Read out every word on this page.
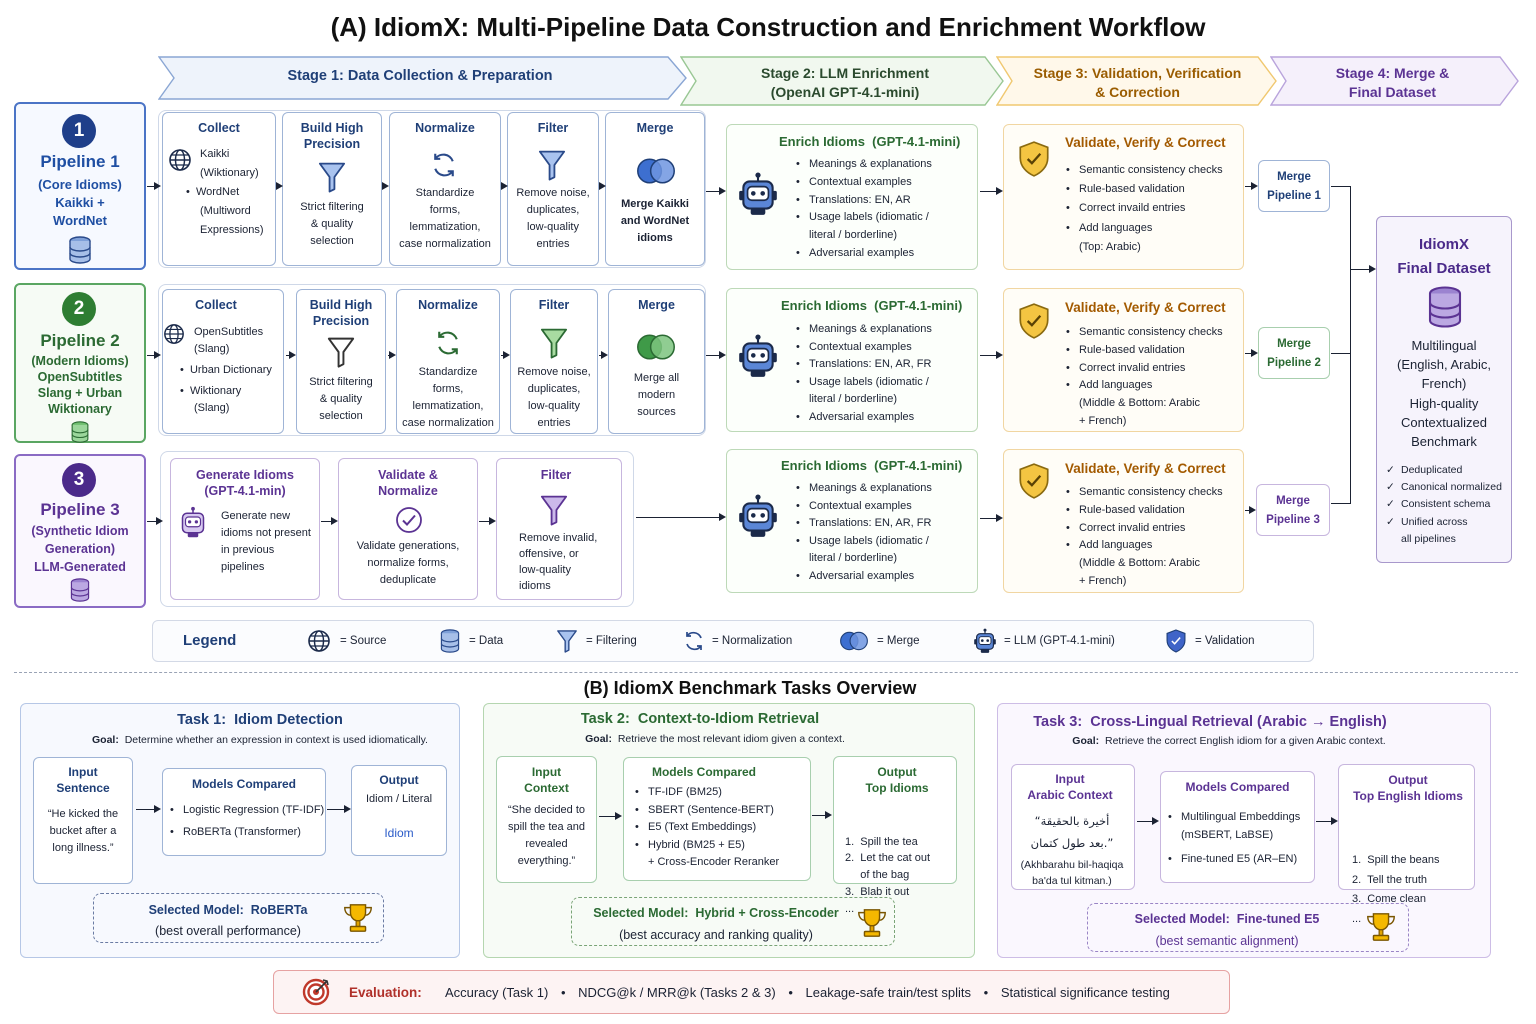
(A) IdiomX: Multi-Pipeline Data Construction and Enrichment Workflow
Stage 1: Data Collection & Preparation	Stage 2: LLM Enrichment
(OpenAI GPT-4.1-mini)
Stage 3: Validation, Verification
& Correction
Stage 4: Merge &
Final Dataset
1
Pipeline 1
(Core Idioms)
Kaikki +
WordNet
Collect
Kaikki
(Wiktionary)
•  WordNet
(Multiword
Expressions)
Build High
Precision
Strict filtering
& quality
selection
Normalize
Standardize
forms,
lemmatization,
case normalization
Filter
Remove noise,
duplicates,
low-quality
entries
Merge
Merge Kaikki
and WordNet
idioms
2
Pipeline 2
(Modern Idioms)
OpenSubtitles
Slang + Urban
Wiktionary
Collect
OpenSubtitles
(Slang)
•  Urban Dictionary
•  Wiktionary
(Slang)
Build High
Precision
Strict filtering
& quality
selection
Normalize
Standardize
forms,
lemmatization,
case normalization
Filter
Remove noise,
duplicates,
low-quality
entries
Merge
Merge all
modern
sources
3
Pipeline 3
(Synthetic Idiom
Generation)
LLM-Generated
Generate Idioms
(GPT-4.1-min)
Generate new
idioms not present
in previous
pipelines
Validate &
Normalize
Validate generations,
normalize forms,
deduplicate
Filter
Remove invalid,
offensive, or
low-quality
idioms
Enrich Idioms  (GPT-4.1-mini)
Enrich Idioms  (GPT-4.1-mini)
Enrich Idioms  (GPT-4.1-mini)
• Meanings & explanations
• Contextual examples
• Translations: EN, AR
• Usage labels (idiomatic /
literal / borderline)
• Adversarial examples
• Meanings & explanations
• Contextual examples
• Translations: EN, AR, FR
• Usage labels (idiomatic /
literal / borderline)
• Adversarial examples
• Meanings & explanations
• Contextual examples
• Translations: EN, AR, FR
• Usage labels (idiomatic /
literal / borderline)
• Adversarial examples
Validate, Verify & Correct
Validate, Verify & Correct
Validate, Verify & Correct
• Semantic consistency checks
• Rule-based validation
• Correct invaild entries
• Add languages
(Top: Arabic)
• Semantic consistency checks
• Rule-based validation
• Correct invalid entries
• Add languages
(Middle & Bottom: Arabic
+ French)
• Semantic consistency checks
• Rule-based validation
• Correct invalid entries
• Add languages
(Middle & Bottom: Arabic
+ French)
Merge
Pipeline 1
Merge
Pipeline 2
Merge
Pipeline 3
IdiomX
Final Dataset
Multilingual
(English, Arabic,
French)
High-quality
Contextualized
Benchmark
✓ Deduplicated
✓ Canonical normalized
✓ Consistent schema
✓ Unified across
all pipelines
Legend	= Source	= Data	= Filtering	= Normalization	= Merge	= LLM (GPT-4.1-mini)	= Validation
(B) IdiomX Benchmark Tasks Overview
Task 1:  Idiom Detection
Goal: Determine whether an expression in context is used idiomatically.
Input
Sentence
“He kicked the
bucket after a
long illness.”
Models Compared
• Logistic Regression (TF-IDF)
• RoBERTa (Transformer)
Output
Idiom / Literal
Idiom
Selected Model: RoBERTa
(best overall performance)
Task 2:  Context-to-Idiom Retrieval
Goal: Retrieve the most relevant idiom given a context.
Input
Context
“She decided to
spill the tea and
revealed
everything.”
Models Compared
• TF-IDF (BM25)
• SBERT (Sentence-BERT)
• E5 (Text Embeddings)
• Hybrid (BM25 + E5)
+ Cross-Encoder Reranker
Output
Top Idioms

1.  Spill the tea
2.  Let the cat out
of the bag
3.  Blab it out
...

Selected Model: Hybrid + Cross-Encoder
(best accuracy and ranking quality)
Task 3:  Cross-Lingual Retrieval (Arabic → English)
Goal: Retrieve the correct English idiom for a given Arabic context.
Input
Arabic Context
“أخيرة بالحقيقة
بعد طول كتمان.”
(Akhbarahu bil-haqiqa
ba'da tul kitman.)
Models Compared
• Multilingual Embeddings
(mSBERT, LaBSE)
• Fine-tuned E5 (AR–EN)
Output
Top English Idioms

1.  Spill the beans
2.  Tell the truth
3.  Come clean
...

Selected Model: Fine-tuned E5
(best semantic alignment)
Evaluation: Accuracy (Task 1) • NDCG@k / MRR@k (Tasks 2 & 3) • Leakage-safe train/test splits • Statistical significance testing
